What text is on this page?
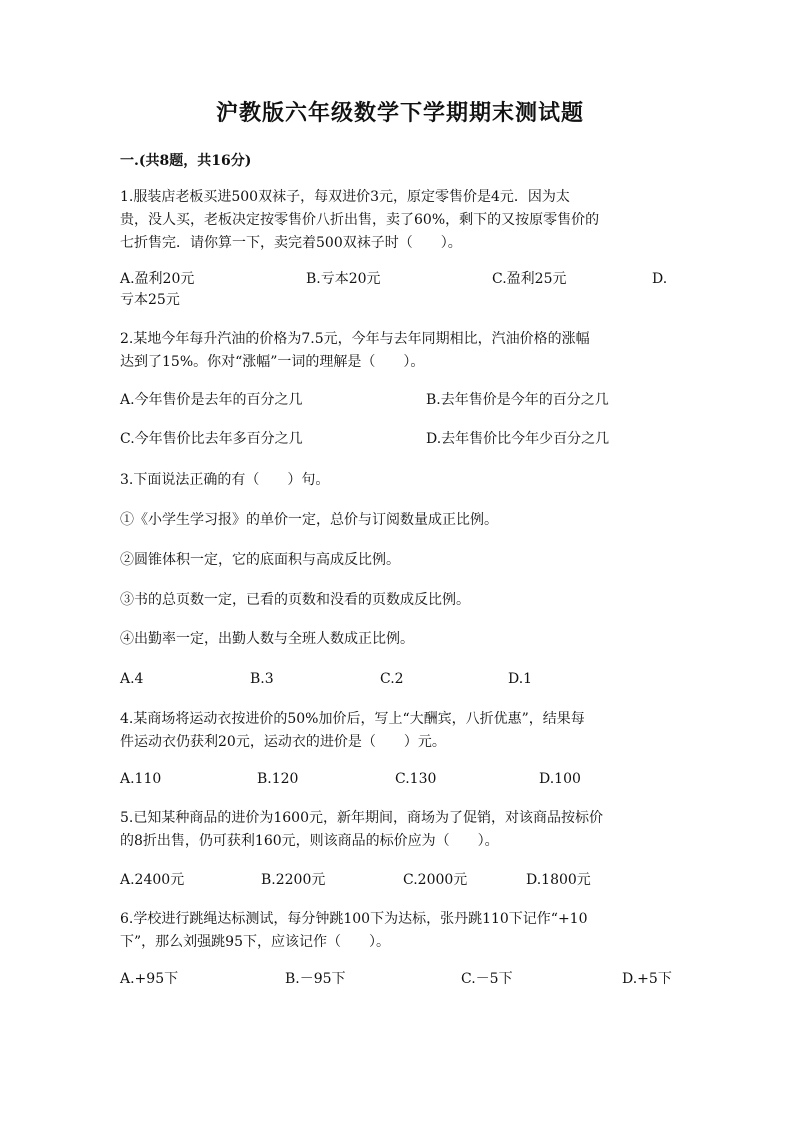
沪教版六年级数学下学期期末测试题
一.(共8题，共16分)
1.服装店老板买进500双袜子，每双进价3元，原定零售价是4元．因为太
贵，没人买，老板决定按零售价八折出售，卖了60%，剩下的又按原零售价的
七折售完．请你算一下，卖完着500双袜子时（　　）。
A.盈利20元	B.亏本20元	C.盈利25元	D.
亏本25元
2.某地今年每升汽油的价格为7.5元，今年与去年同期相比，汽油价格的涨幅
达到了15%。你对“涨幅”一词的理解是（　　）。
A.今年售价是去年的百分之几	B.去年售价是今年的百分之几
C.今年售价比去年多百分之几	D.去年售价比今年少百分之几
3.下面说法正确的有（　　）句。
①《小学生学习报》的单价一定，总价与订阅数量成正比例。
②圆锥体积一定，它的底面积与高成反比例。
③书的总页数一定，已看的页数和没看的页数成反比例。
④出勤率一定，出勤人数与全班人数成正比例。
A.4	B.3	C.2	D.1
4.某商场将运动衣按进价的50%加价后，写上“大酬宾，八折优惠”，结果每
件运动衣仍获利20元，运动衣的进价是（　　）元。
A.110	B.120	C.130	D.100
5.已知某种商品的进价为1600元，新年期间，商场为了促销，对该商品按标价
的8折出售，仍可获利160元，则该商品的标价应为（　　）。
A.2400元	B.2200元	C.2000元	D.1800元
6.学校进行跳绳达标测试，每分钟跳100下为达标，张丹跳110下记作“+10
下”，那么刘强跳95下，应该记作（　　）。
A.+95下	B.－95下	C.－5下	D.+5下
